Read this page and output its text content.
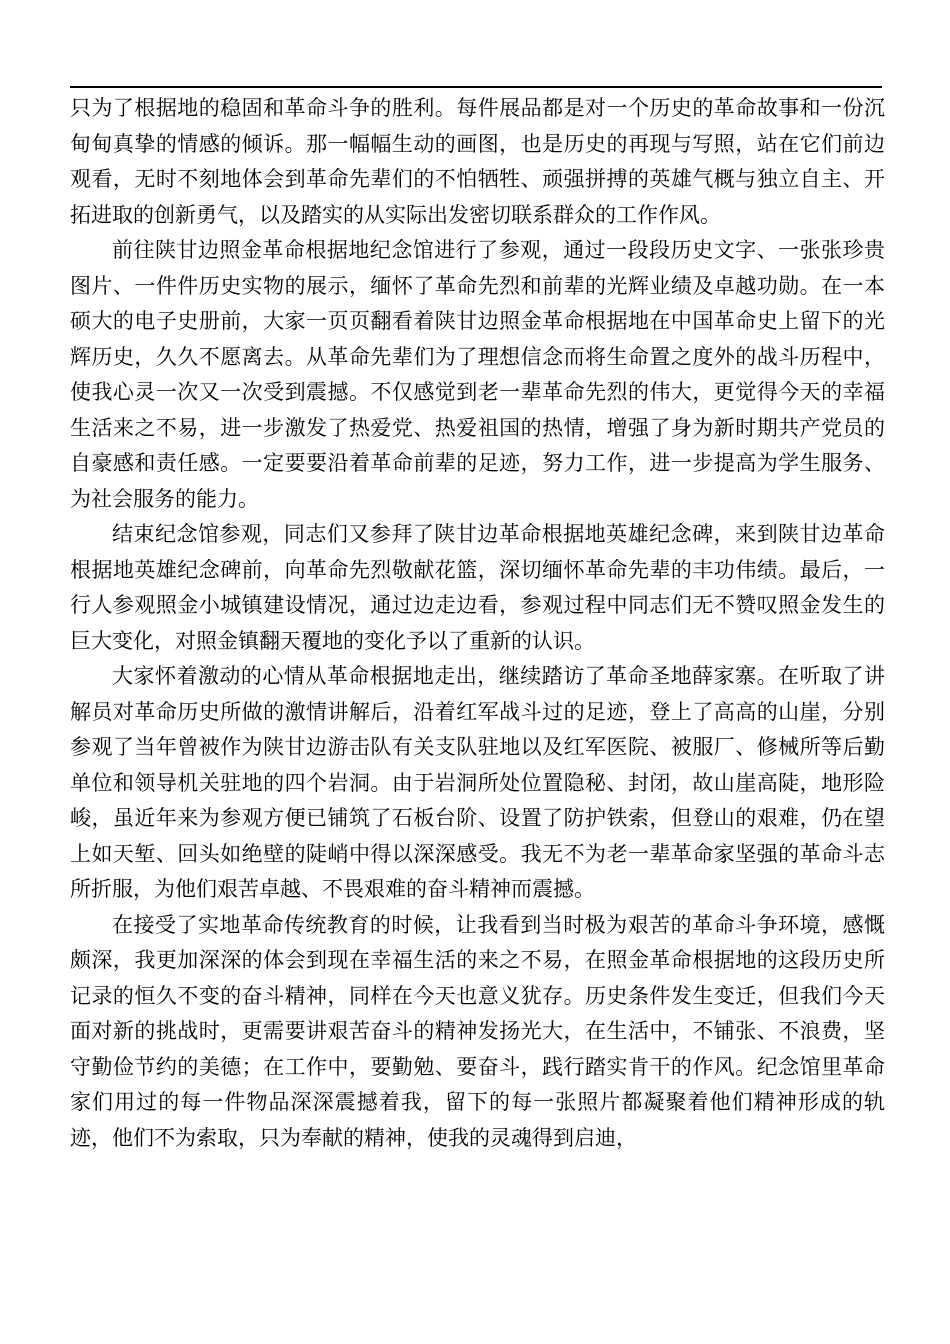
只为了根据地的稳固和革命斗争的胜利。每件展品都是对一个历史的革命故事和一份沉甸甸真挚的情感的倾诉。那一幅幅生动的画图，也是历史的再现与写照，站在它们前边观看，无时不刻地体会到革命先辈们的不怕牺牲、顽强拼搏的英雄气概与独立自主、开拓进取的创新勇气，以及踏实的从实际出发密切联系群众的工作作风。

前往陕甘边照金革命根据地纪念馆进行了参观，通过一段段历史文字、一张张珍贵图片、一件件历史实物的展示，缅怀了革命先烈和前辈的光辉业绩及卓越功勋。在一本硕大的电子史册前，大家一页页翻看着陕甘边照金革命根据地在中国革命史上留下的光辉历史，久久不愿离去。从革命先辈们为了理想信念而将生命置之度外的战斗历程中，使我心灵一次又一次受到震撼。不仅感觉到老一辈革命先烈的伟大，更觉得今天的幸福生活来之不易，进一步激发了热爱党、热爱祖国的热情，增强了身为新时期共产党员的自豪感和责任感。一定要要沿着革命前辈的足迹，努力工作，进一步提高为学生服务、为社会服务的能力。

结束纪念馆参观，同志们又参拜了陕甘边革命根据地英雄纪念碑，来到陕甘边革命根据地英雄纪念碑前，向革命先烈敬献花篮，深切缅怀革命先辈的丰功伟绩。最后，一行人参观照金小城镇建设情况，通过边走边看，参观过程中同志们无不赞叹照金发生的巨大变化，对照金镇翻天覆地的变化予以了重新的认识。

大家怀着激动的心情从革命根据地走出，继续踏访了革命圣地薛家寨。在听取了讲解员对革命历史所做的激情讲解后，沿着红军战斗过的足迹，登上了高高的山崖，分别参观了当年曾被作为陕甘边游击队有关支队驻地以及红军医院、被服厂、修械所等后勤单位和领导机关驻地的四个岩洞。由于岩洞所处位置隐秘、封闭，故山崖高陡，地形险峻，虽近年来为参观方便已铺筑了石板台阶、设置了防护铁索，但登山的艰难，仍在望上如天堑、回头如绝壁的陡峭中得以深深感受。我无不为老一辈革命家坚强的革命斗志所折服，为他们艰苦卓越、不畏艰难的奋斗精神而震撼。

在接受了实地革命传统教育的时候，让我看到当时极为艰苦的革命斗争环境，感慨颇深，我更加深深的体会到现在幸福生活的来之不易，在照金革命根据地的这段历史所记录的恒久不变的奋斗精神，同样在今天也意义犹存。历史条件发生变迁，但我们今天面对新的挑战时，更需要讲艰苦奋斗的精神发扬光大，在生活中，不铺张、不浪费，坚守勤俭节约的美德；在工作中，要勤勉、要奋斗，践行踏实肯干的作风。纪念馆里革命家们用过的每一件物品深深震撼着我，留下的每一张照片都凝聚着他们精神形成的轨迹，他们不为索取，只为奉献的精神，使我的灵魂得到启迪，
